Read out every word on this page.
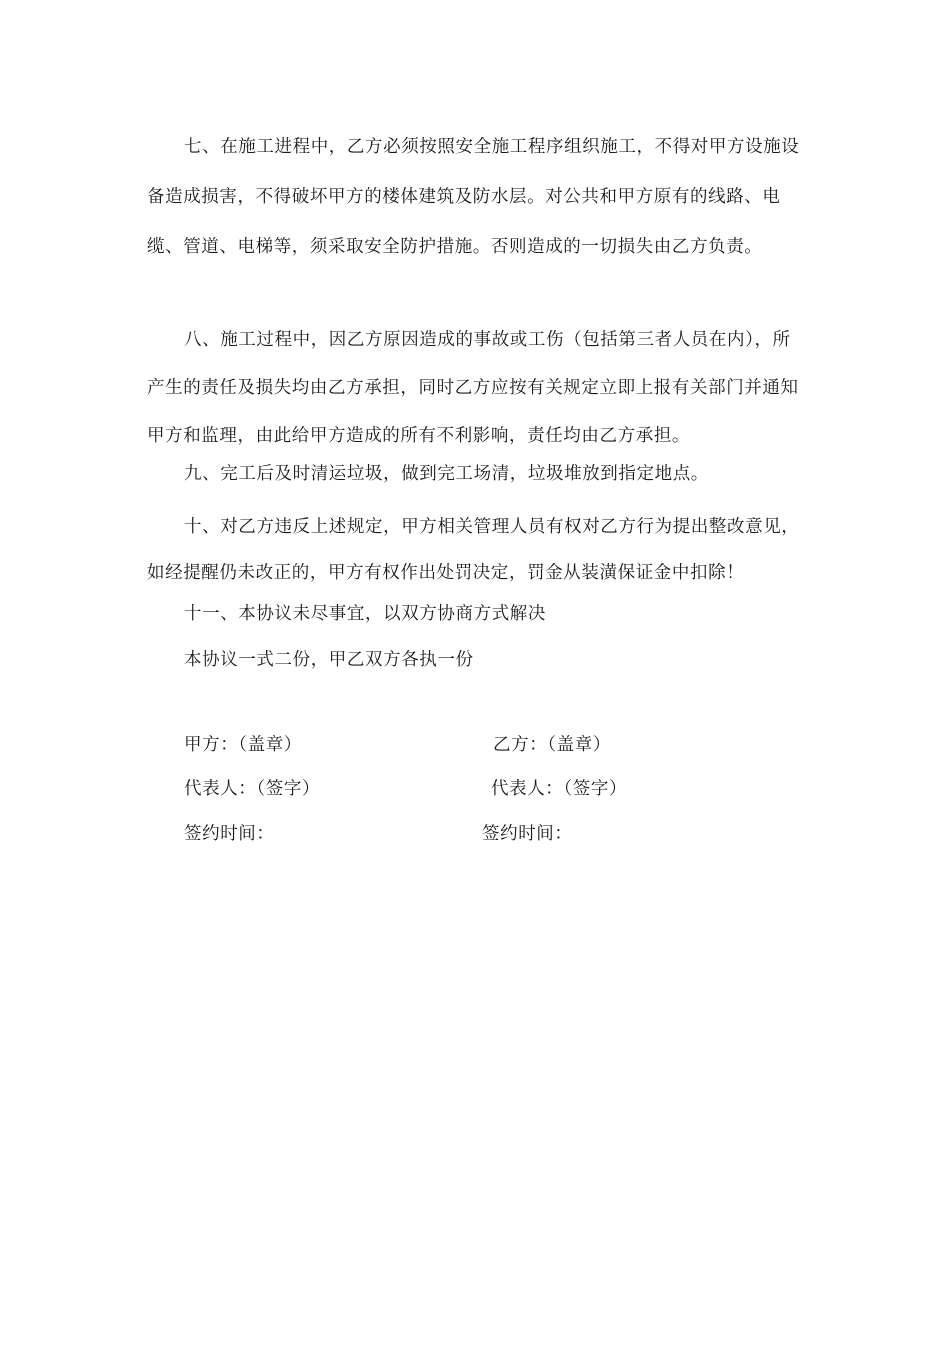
七、在施工进程中，乙方必须按照安全施工程序组织施工，不得对甲方设施设备造成损害，不得破坏甲方的楼体建筑及防水层。对公共和甲方原有的线路、电缆、管道、电梯等，须采取安全防护措施。否则造成的一切损失由乙方负责。

八、施工过程中，因乙方原因造成的事故或工伤（包括第三者人员在内），所产生的责任及损失均由乙方承担，同时乙方应按有关规定立即上报有关部门并通知甲方和监理，由此给甲方造成的所有不利影响，责任均由乙方承担。

九、完工后及时清运垃圾，做到完工场清，垃圾堆放到指定地点。

十、对乙方违反上述规定，甲方相关管理人员有权对乙方行为提出整改意见，如经提醒仍未改正的，甲方有权作出处罚决定，罚金从装潢保证金中扣除！

十一、本协议未尽事宜，以双方协商方式解决

本协议一式二份，甲乙双方各执一份

甲方：（盖章）
代表人：（签字）
签约时间：
乙方：（盖章）
代表人：（签字）
签约时间：
